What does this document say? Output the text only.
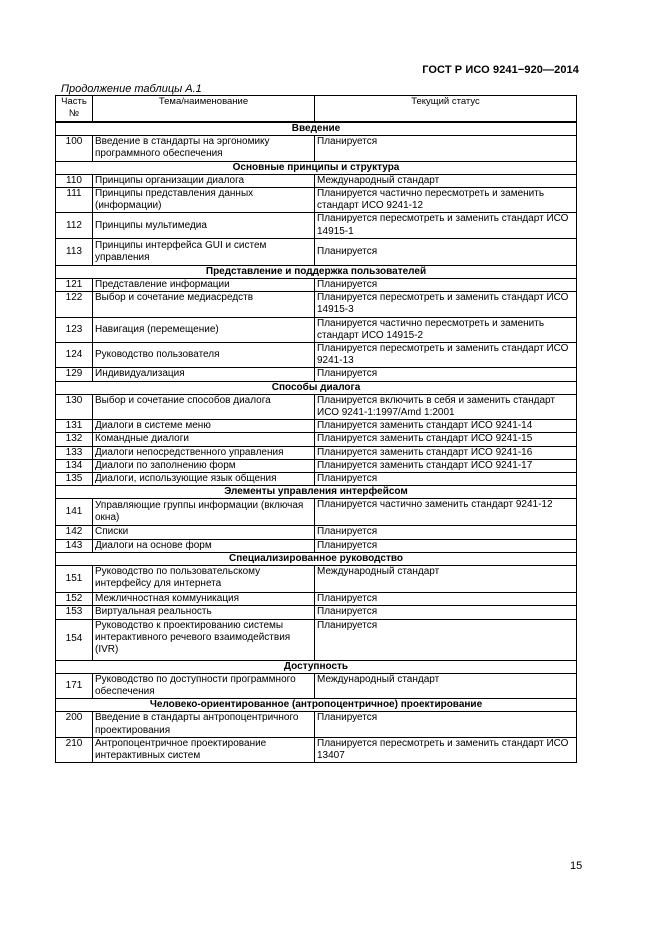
ГОСТ Р ИСО 9241−920—2014
Продолжение таблицы А.1
Часть №	Тема/наименование	Текущий статус
Введение		
100	Введение в стандарты на эргономику программного обеспечения	Планируется
Основные принципы и структура		
110	Принципы организации диалога	Международный стандарт
111	Принципы представления данных (информации)	Планируется частично пересмотреть и заменить стандарт ИСО 9241-12
112	Принципы мультимедиа	Планируется пересмотреть и заменить стандарт ИСО 14915-1
113	Принципы интерфейса GUI и систем управления	Планируется
Представление и поддержка пользователей		
121	Представление информации	Планируется
122	Выбор и сочетание медиасредств	Планируется пересмотреть и заменить стандарт ИСО 14915-3
123	Навигация (перемещение)	Планируется частично пересмотреть и заменить стандарт ИСО 14915-2
124	Руководство пользователя	Планируется пересмотреть и заменить стандарт ИСО 9241-13
129	Индивидуализация	Планируется
Способы диалога		
130	Выбор и сочетание способов диалога	Планируется включить в себя и заменить стандарт ИСО 9241-1:1997/Amd 1:2001
131	Диалоги в системе меню	Планируется заменить стандарт ИСО 9241-14
132	Командные диалоги	Планируется заменить стандарт ИСО 9241-15
133	Диалоги непосредственного управления	Планируется заменить стандарт ИСО 9241-16
134	Диалоги по заполнению форм	Планируется заменить стандарт ИСО 9241-17
135	Диалоги, использующие язык общения	Планируется
Элементы управления интерфейсом		
141	Управляющие группы информации (включая окна)	Планируется частично заменить стандарт 9241-12
142	Списки	Планируется
143	Диалоги на основе форм	Планируется
Специализированное руководство		
151	Руководство по пользовательскому интерфейсу для интернета	Международный стандарт
152	Межличностная коммуникация	Планируется
153	Виртуальная реальность	Планируется
154	Руководство к проектированию системы интерактивного речевого взаимодействия (IVR)	Планируется
Доступность		
171	Руководство по доступности программного обеспечения	Международный стандарт
Человеко-ориентированное (антропоцентричное) проектирование		
200	Введение в стандарты антропоцентричного проектирования	Планируется
210	Антропоцентричное проектирование интерактивных систем	Планируется пересмотреть и заменить стандарт ИСО 13407
15
